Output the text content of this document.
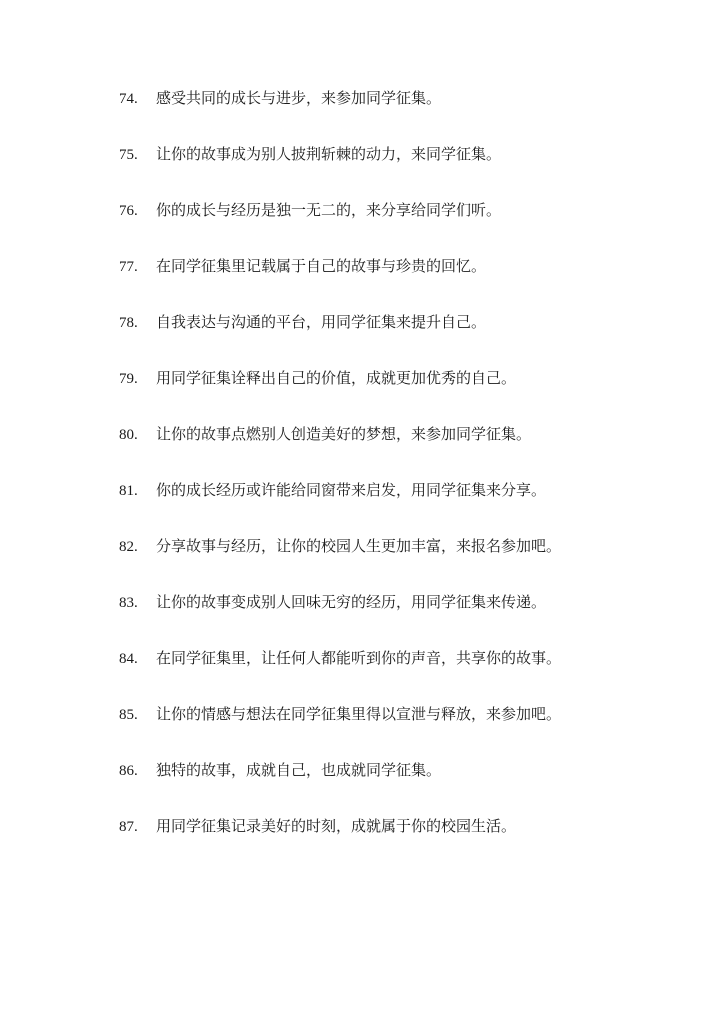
74. 感受共同的成长与进步，来参加同学征集。
75. 让你的故事成为别人披荆斩棘的动力，来同学征集。
76. 你的成长与经历是独一无二的，来分享给同学们听。
77. 在同学征集里记载属于自己的故事与珍贵的回忆。
78. 自我表达与沟通的平台，用同学征集来提升自己。
79. 用同学征集诠释出自己的价值，成就更加优秀的自己。
80. 让你的故事点燃别人创造美好的梦想，来参加同学征集。
81. 你的成长经历或许能给同窗带来启发，用同学征集来分享。
82. 分享故事与经历，让你的校园人生更加丰富，来报名参加吧。
83. 让你的故事变成别人回味无穷的经历，用同学征集来传递。
84. 在同学征集里，让任何人都能听到你的声音，共享你的故事。
85. 让你的情感与想法在同学征集里得以宣泄与释放，来参加吧。
86. 独特的故事，成就自己，也成就同学征集。
87. 用同学征集记录美好的时刻，成就属于你的校园生活。
